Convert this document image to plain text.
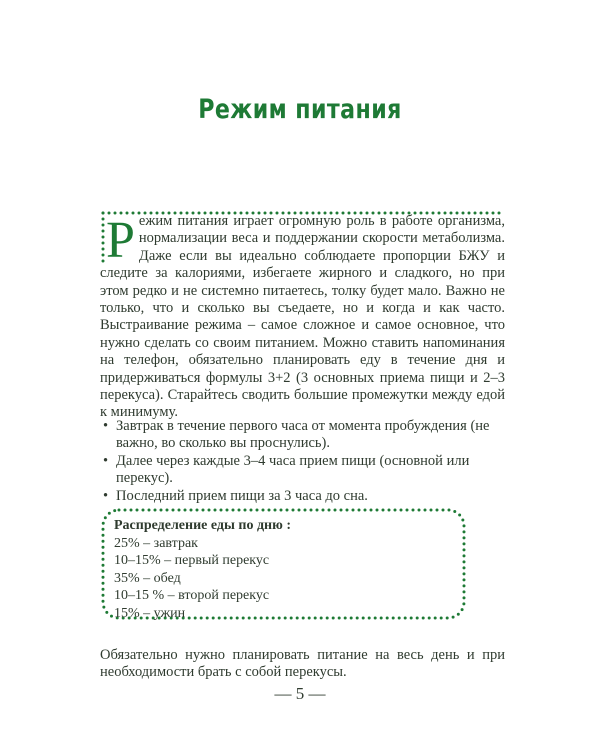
Режим питания
Режим питания играет огромную роль в работе организма, нормализации веса и поддержании скорости метаболизма. Даже если вы идеально соблюдаете пропорции БЖУ и следите за калориями, избегаете жирного и сладкого, но при этом редко и не системно питаетесь, толку будет мало. Важно не только, что и сколько вы съедаете, но и когда и как часто. Выстраивание режима – самое сложное и самое основное, что нужно сделать со своим питанием. Можно ставить напоминания на телефон, обязательно планировать еду в течение дня и придерживаться формулы 3+2 (3 основных приема пищи и 2–3 перекуса). Старайтесь сводить большие промежутки между едой к минимуму.
• Завтрак в течение первого часа от момента пробуждения (не важно, во сколько вы проснулись).
• Далее через каждые 3–4 часа прием пищи (основной или перекус).
• Последний прием пищи за 3 часа до сна.
Распределение еды по дню :
25% – завтрак
10–15% – первый перекус
35% – обед
10–15 % – второй перекус
15% – ужин

Обязательно нужно планировать питание на весь день и при необходимости брать с собой перекусы.

— 5 —
